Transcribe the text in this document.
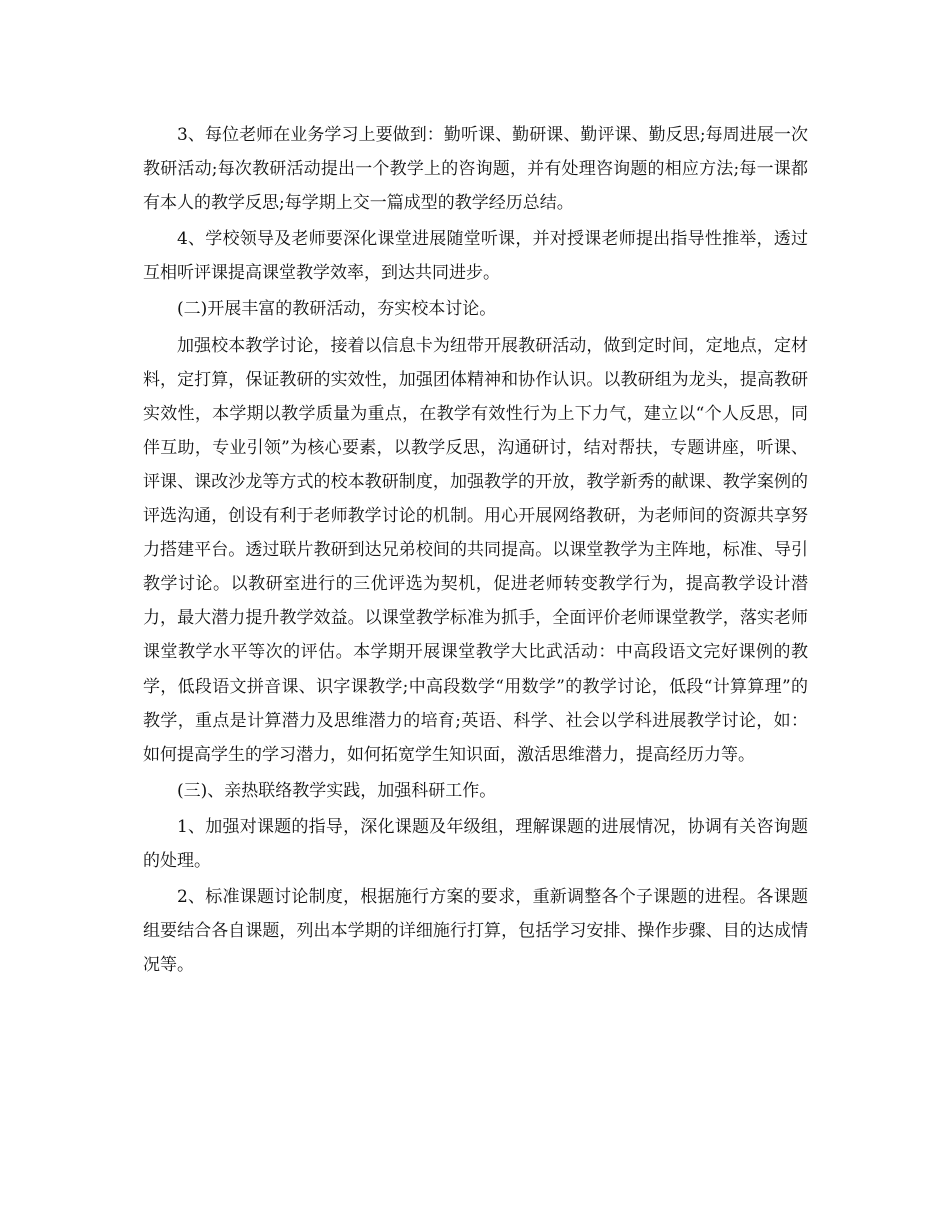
3、每位老师在业务学习上要做到：勤听课、勤研课、勤评课、勤反思;每周进展一次教研活动;每次教研活动提出一个教学上的咨询题，并有处理咨询题的相应方法;每一课都有本人的教学反思;每学期上交一篇成型的教学经历总结。

4、学校领导及老师要深化课堂进展随堂听课，并对授课老师提出指导性推举，透过互相听评课提高课堂教学效率，到达共同进步。

(二)开展丰富的教研活动，夯实校本讨论。

加强校本教学讨论，接着以信息卡为纽带开展教研活动，做到定时间，定地点，定材料，定打算，保证教研的实效性，加强团体精神和协作认识。以教研组为龙头，提高教研实效性，本学期以教学质量为重点，在教学有效性行为上下力气，建立以“个人反思，同伴互助，专业引领”为核心要素，以教学反思，沟通研讨，结对帮扶，专题讲座，听课、评课、课改沙龙等方式的校本教研制度，加强教学的开放，教学新秀的献课、教学案例的评选沟通，创设有利于老师教学讨论的机制。用心开展网络教研，为老师间的资源共享努力搭建平台。透过联片教研到达兄弟校间的共同提高。以课堂教学为主阵地，标准、导引教学讨论。以教研室进行的三优评选为契机，促进老师转变教学行为，提高教学设计潜力，最大潜力提升教学效益。以课堂教学标准为抓手，全面评价老师课堂教学，落实老师课堂教学水平等次的评估。本学期开展课堂教学大比武活动：中高段语文完好课例的教学，低段语文拼音课、识字课教学;中高段数学“用数学”的教学讨论，低段“计算算理”的教学，重点是计算潜力及思维潜力的培育;英语、科学、社会以学科进展教学讨论，如：如何提高学生的学习潜力，如何拓宽学生知识面，激活思维潜力，提高经历力等。

(三)、亲热联络教学实践，加强科研工作。

1、加强对课题的指导，深化课题及年级组，理解课题的进展情况，协调有关咨询题的处理。

2、标准课题讨论制度，根据施行方案的要求，重新调整各个子课题的进程。各课题组要结合各自课题，列出本学期的详细施行打算，包括学习安排、操作步骤、目的达成情况等。
